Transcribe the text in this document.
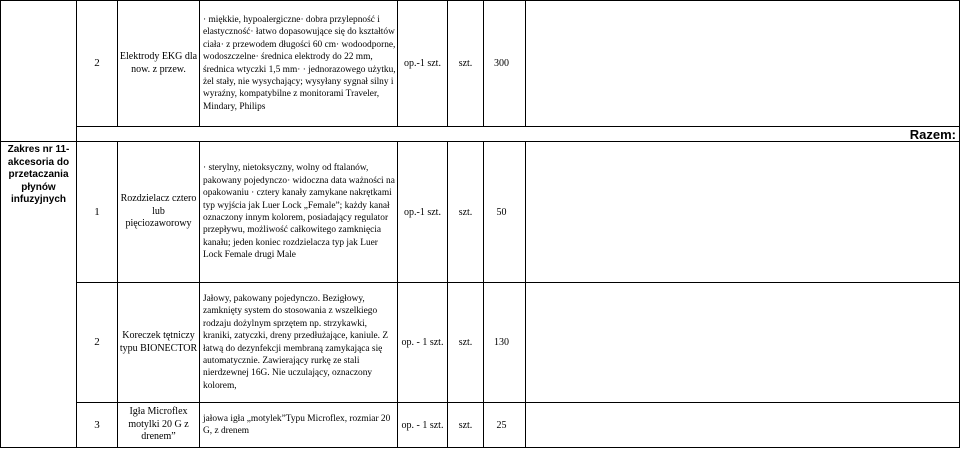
	2	Elektrody EKG dla now. z przew.	· miękkie, hypoalergiczne· dobra przylepność i elastyczność· łatwo dopasowujące się do kształtów ciała· z przewodem długości 60 cm· wodoodporne, wodoszczelne· średnica elektrody do 22 mm, średnica wtyczki 1,5 mm· · jednorazowego użytku, żel stały, nie wysychający; wysyłany sygnał silny i wyraźny, kompatybilne z monitorami Traveler, Mindary, Philips	op.-1 szt.	szt.	300	
							Razem:
Zakres nr 11- akcesoria do przetaczania płynów infuzyjnych	1	Rozdzielacz cztero lub pięciozaworowy	· sterylny, nietoksyczny, wolny od ftalanów, pakowany pojedynczo· widoczna data ważności na opakowaniu · cztery kanały zamykane nakrętkami typ wyjścia jak Luer Lock „Female”; każdy kanał oznaczony innym kolorem, posiadający regulator przepływu, możliwość całkowitego zamknięcia kanału; jeden koniec rozdzielacza typ jak Luer Lock Female drugi Male	op.-1 szt.	szt.	50	
	2	Koreczek tętniczy typu BIONECTOR	Jałowy, pakowany pojedynczo. Bezigłowy, zamknięty system do stosowania z wszelkiego rodzaju dożylnym sprzętem np. strzykawki, kraniki, zatyczki, dreny przedłużające, kaniule. Z łatwą do dezynfekcji membraną zamykająca się automatycznie. Zawierający rurkę ze stali nierdzewnej 16G. Nie uczulający, oznaczony kolorem,	op. - 1 szt.	szt.	130	
	3	Igła Microflex motylki 20 G z drenem”	jałowa igła „motylek”Typu Microflex, rozmiar 20 G, z drenem	op. - 1 szt.	szt.	25	
